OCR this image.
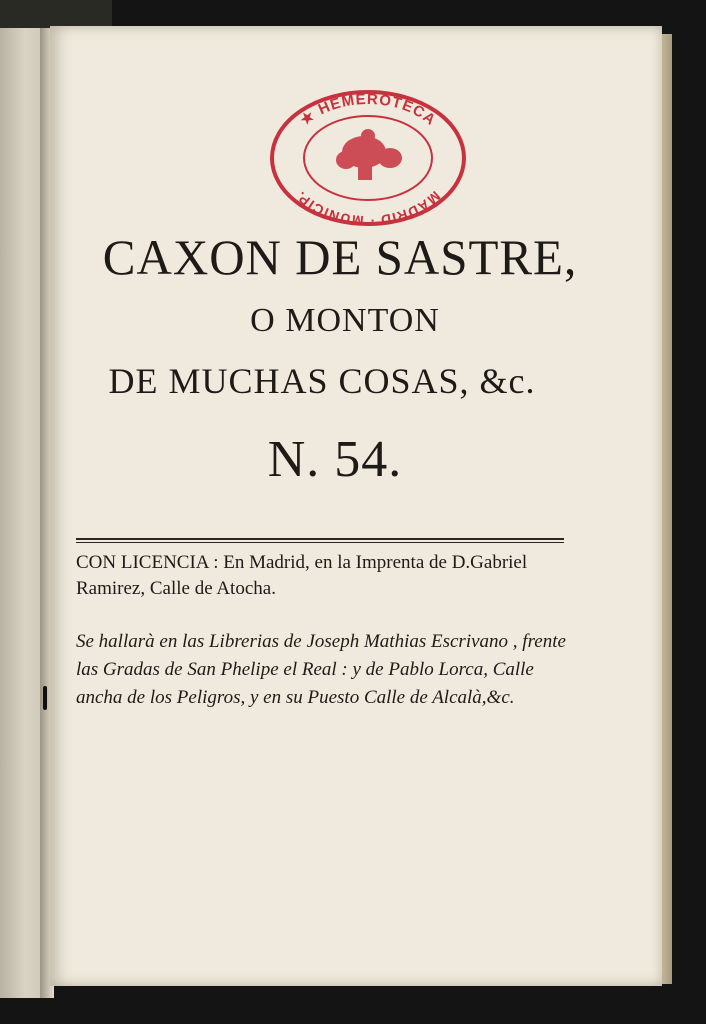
★ HEMEROTECA
MADRID · MUNICIP.
CAXON DE SASTRE,
O MONTON
DE MUCHAS COSAS, &c.
N. 54.
CON LICENCIA : En Madrid, en la Imprenta de D.Gabriel Ramirez, Calle de Atocha.
Se hallarà en las Librerias de Joseph Mathias Escrivano , frente las Gradas de San Phelipe el Real : y de Pablo Lorca, Calle ancha de los Peligros, y en su Puesto Calle de Alcalà,&c.
